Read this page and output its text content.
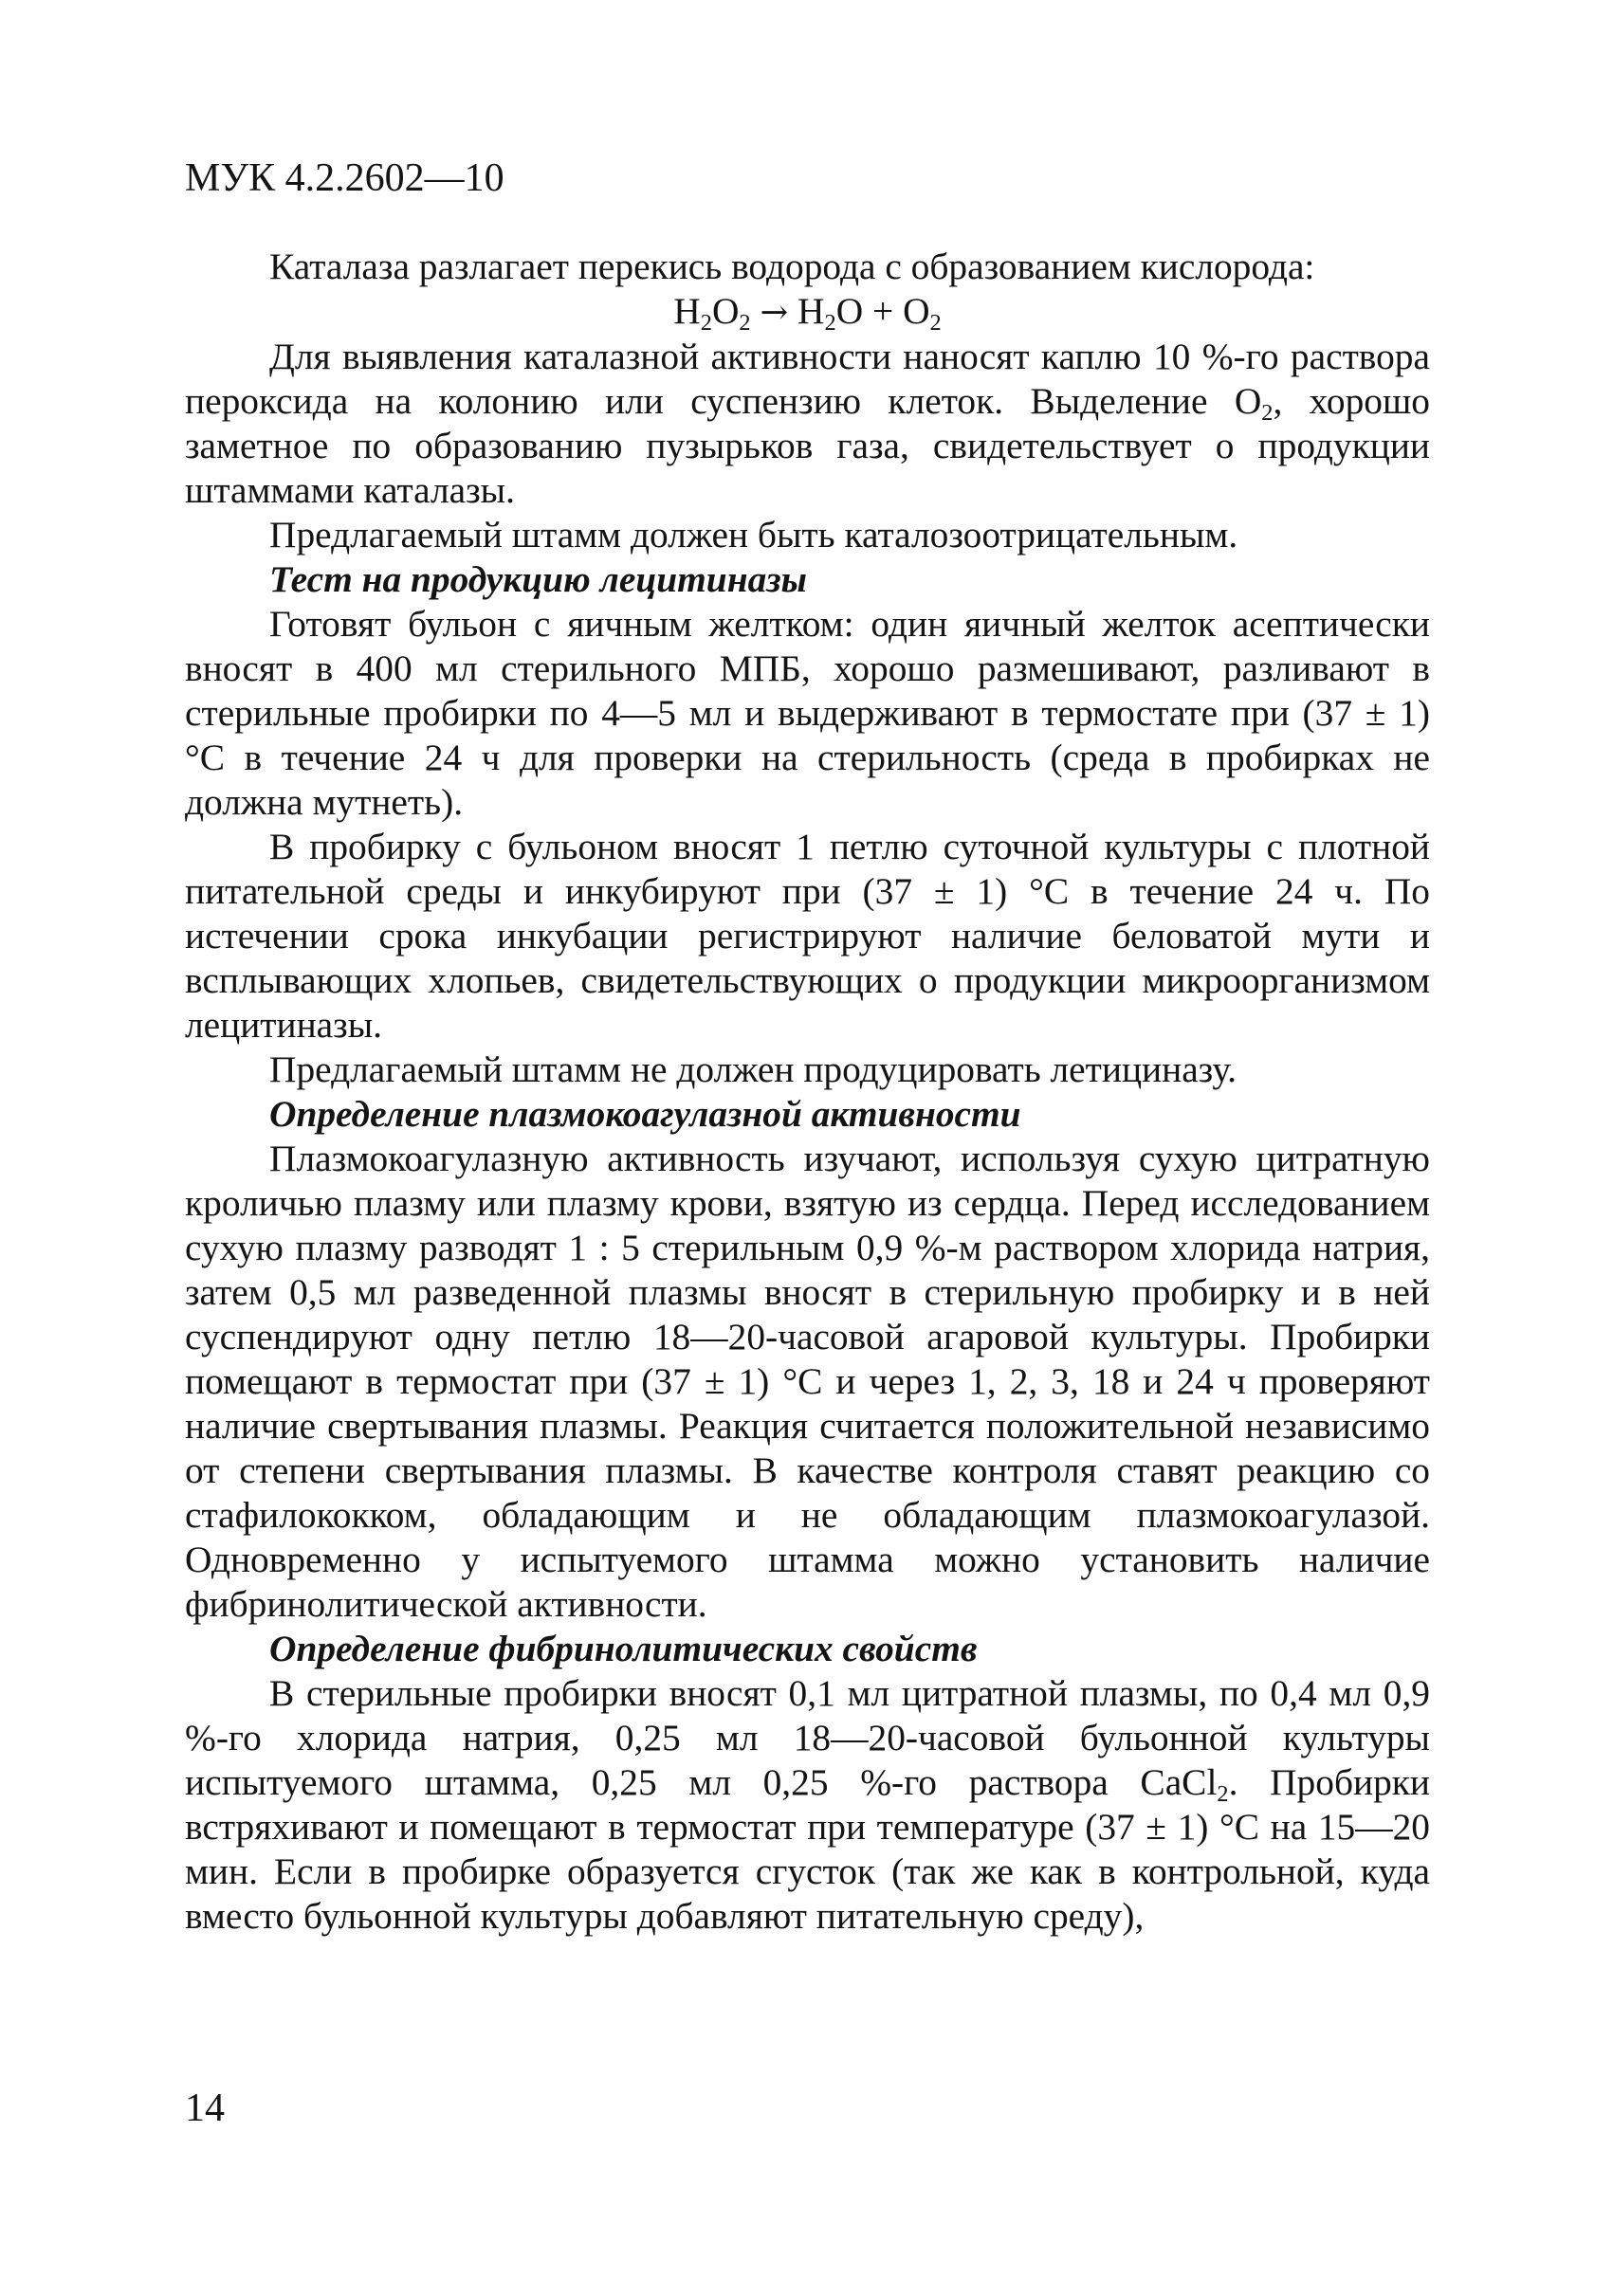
МУК 4.2.2602—10

Каталаза разлагает перекись водорода с образованием кислорода:

$H_2O_2 \to H_2O + O_2$

Для выявления каталазной активности наносят каплю 10 %-го раствора пероксида на колонию или суспензию клеток. Выделение $O_2$, хорошо заметное по образованию пузырьков газа, свидетельствует о продукции штаммами каталазы.

Предлагаемый штамм должен быть каталозоотрицательным.

Тест на продукцию лецитиназы

Готовят бульон с яичным желтком: один яичный желток асептически вносят в 400 мл стерильного МПБ, хорошо размешивают, разливают в стерильные пробирки по 4—5 мл и выдерживают в термостате при (37 ± 1) °С в течение 24 ч для проверки на стерильность (среда в пробирках не должна мутнеть).

В пробирку с бульоном вносят 1 петлю суточной культуры с плотной питательной среды и инкубируют при (37 ± 1) °С в течение 24 ч. По истечении срока инкубации регистрируют наличие беловатой мути и всплывающих хлопьев, свидетельствующих о продукции микроорганизмом лецитиназы.

Предлагаемый штамм не должен продуцировать летициназу.

Определение плазмокоагулазной активности

Плазмокоагулазную активность изучают, используя сухую цитратную кроличью плазму или плазму крови, взятую из сердца. Перед исследованием сухую плазму разводят 1 : 5 стерильным 0,9 %-м раствором хлорида натрия, затем 0,5 мл разведенной плазмы вносят в стерильную пробирку и в ней суспендируют одну петлю 18—20-часовой агаровой культуры. Пробирки помещают в термостат при (37 ± 1) °С и через 1, 2, 3, 18 и 24 ч проверяют наличие свертывания плазмы. Реакция считается положительной независимо от степени свертывания плазмы. В качестве контроля ставят реакцию со стафилококком, обладающим и не обладающим плазмокоагулазой. Одновременно у испытуемого штамма можно установить наличие фибринолитической активности.

Определение фибринолитических свойств

В стерильные пробирки вносят 0,1 мл цитратной плазмы, по 0,4 мл 0,9 %-го хлорида натрия, 0,25 мл 18—20-часовой бульонной культуры испытуемого штамма, 0,25 мл 0,25 %-го раствора CaCl$_2$. Пробирки встряхивают и помещают в термостат при температуре (37 ± 1) °С на 15—20 мин. Если в пробирке образуется сгусток (так же как в контрольной, куда вместо бульонной культуры добавляют питательную среду),

14
